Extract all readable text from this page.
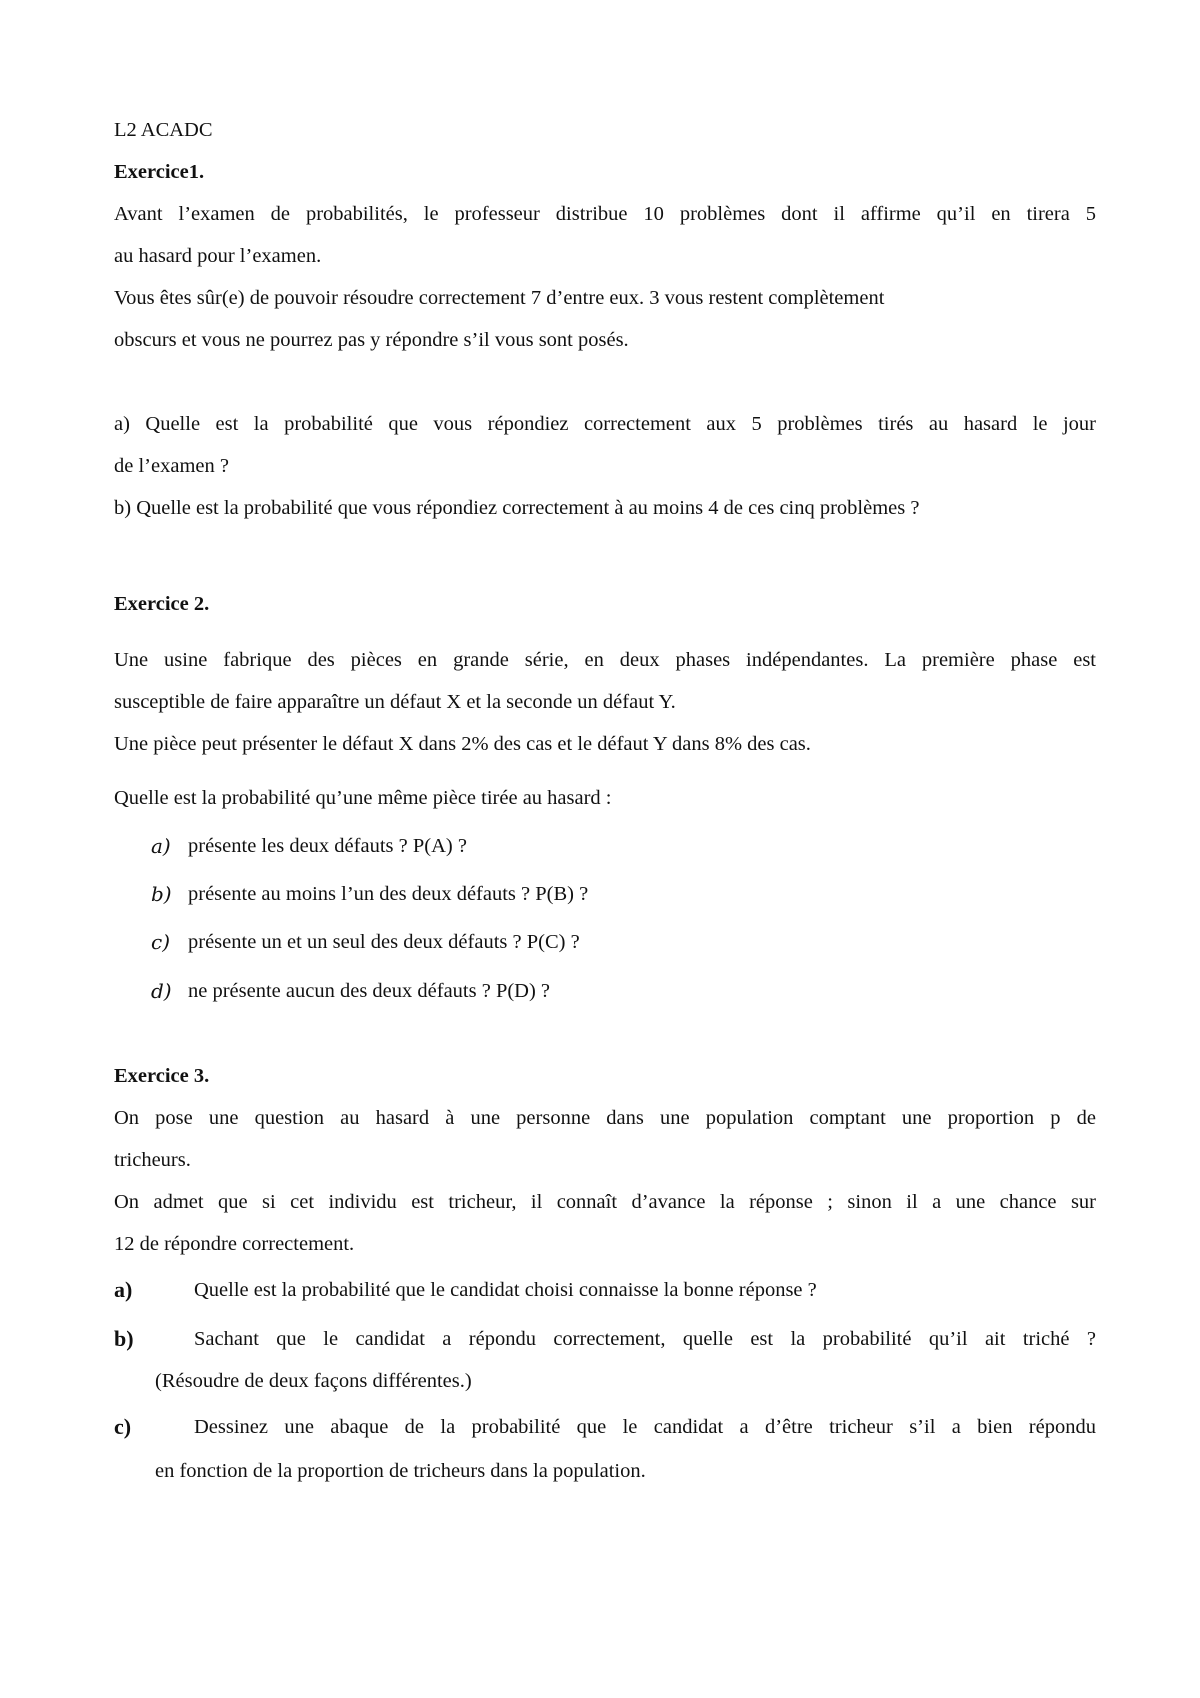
L2 ACADC
Exercice1.
Avant l’examen de probabilités, le professeur distribue 10 problèmes dont il affirme qu’il en tirera 5
au hasard pour l’examen.
Vous êtes sûr(e) de pouvoir résoudre correctement 7 d’entre eux. 3 vous restent complètement
obscurs et vous ne pourrez pas y répondre s’il vous sont posés.
a) Quelle est la probabilité que vous répondiez correctement aux 5 problèmes tirés au hasard le jour
de l’examen ?
b) Quelle est la probabilité que vous répondiez correctement à au moins 4 de ces cinq problèmes ?
Exercice 2.
Une usine fabrique des pièces en grande série, en deux phases indépendantes. La première phase est
susceptible de faire apparaître un défaut X et la seconde un défaut Y.
Une pièce peut présenter le défaut X dans 2% des cas et le défaut Y dans 8% des cas.
Quelle est la probabilité qu’une même pièce tirée au hasard :
a) présente les deux défauts ? P(A) ?
b) présente au moins l’un des deux défauts ? P(B) ?
c) présente un et un seul des deux défauts ? P(C) ?
d) ne présente aucun des deux défauts ? P(D) ?
Exercice 3.
On pose une question au hasard à une personne dans une population comptant une proportion p de
tricheurs.
On admet que si cet individu est tricheur, il connaît d’avance la réponse ; sinon il a une chance sur
12 de répondre correctement.
a)	Quelle est la probabilité que le candidat choisi connaisse la bonne réponse ?
b)	Sachant que le candidat a répondu correctement, quelle est la probabilité qu’il ait triché ?
(Résoudre de deux façons différentes.)
c)	Dessinez une abaque de la probabilité que le candidat a d’être tricheur s’il a bien répondu
en fonction de la proportion de tricheurs dans la population.
